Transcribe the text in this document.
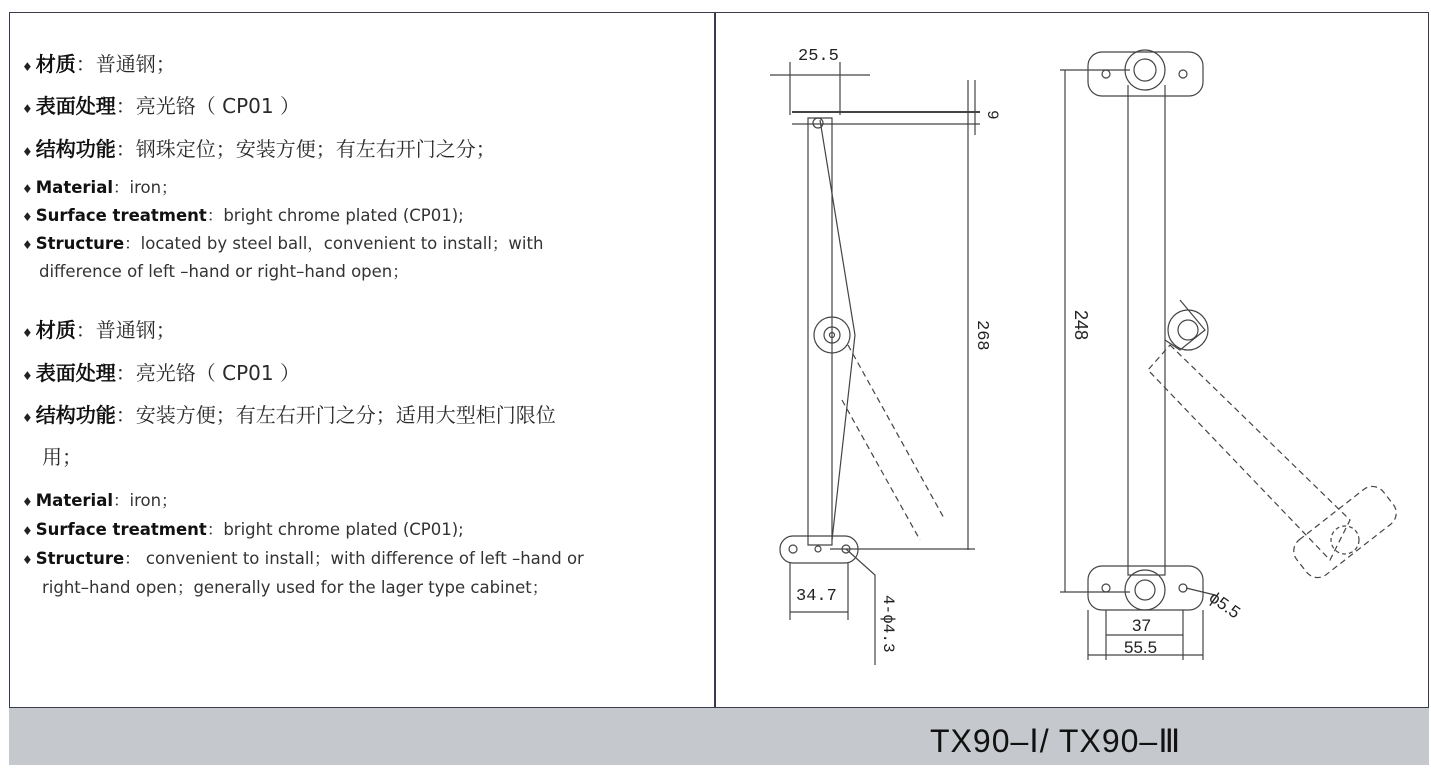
♦ 材质：普通钢；
♦ 表面处理：亮光铬（ CP01 ）
♦ 结构功能：钢珠定位；安装方便；有左右开门之分；
♦ Material：iron；
♦ Surface treatment：bright chrome plated (CP01);
♦ Structure：located by steel ball，convenient to install；with
difference of left –hand or right–hand open；
♦ 材质：普通钢；
♦ 表面处理：亮光铬（ CP01 ）
♦ 结构功能：安装方便；有左右开门之分；适用大型柜门限位
用；
♦ Material：iron；
♦ Surface treatment：bright chrome plated (CP01);
♦ Structure： convenient to install；with difference of left –hand or
right–hand open；generally used for the lager type cabinet；
25.5
9
268
34.7	4-ϕ4.3
248
ϕ5.5
37
55.5
TX90–Ⅰ/ TX90–Ⅲ
